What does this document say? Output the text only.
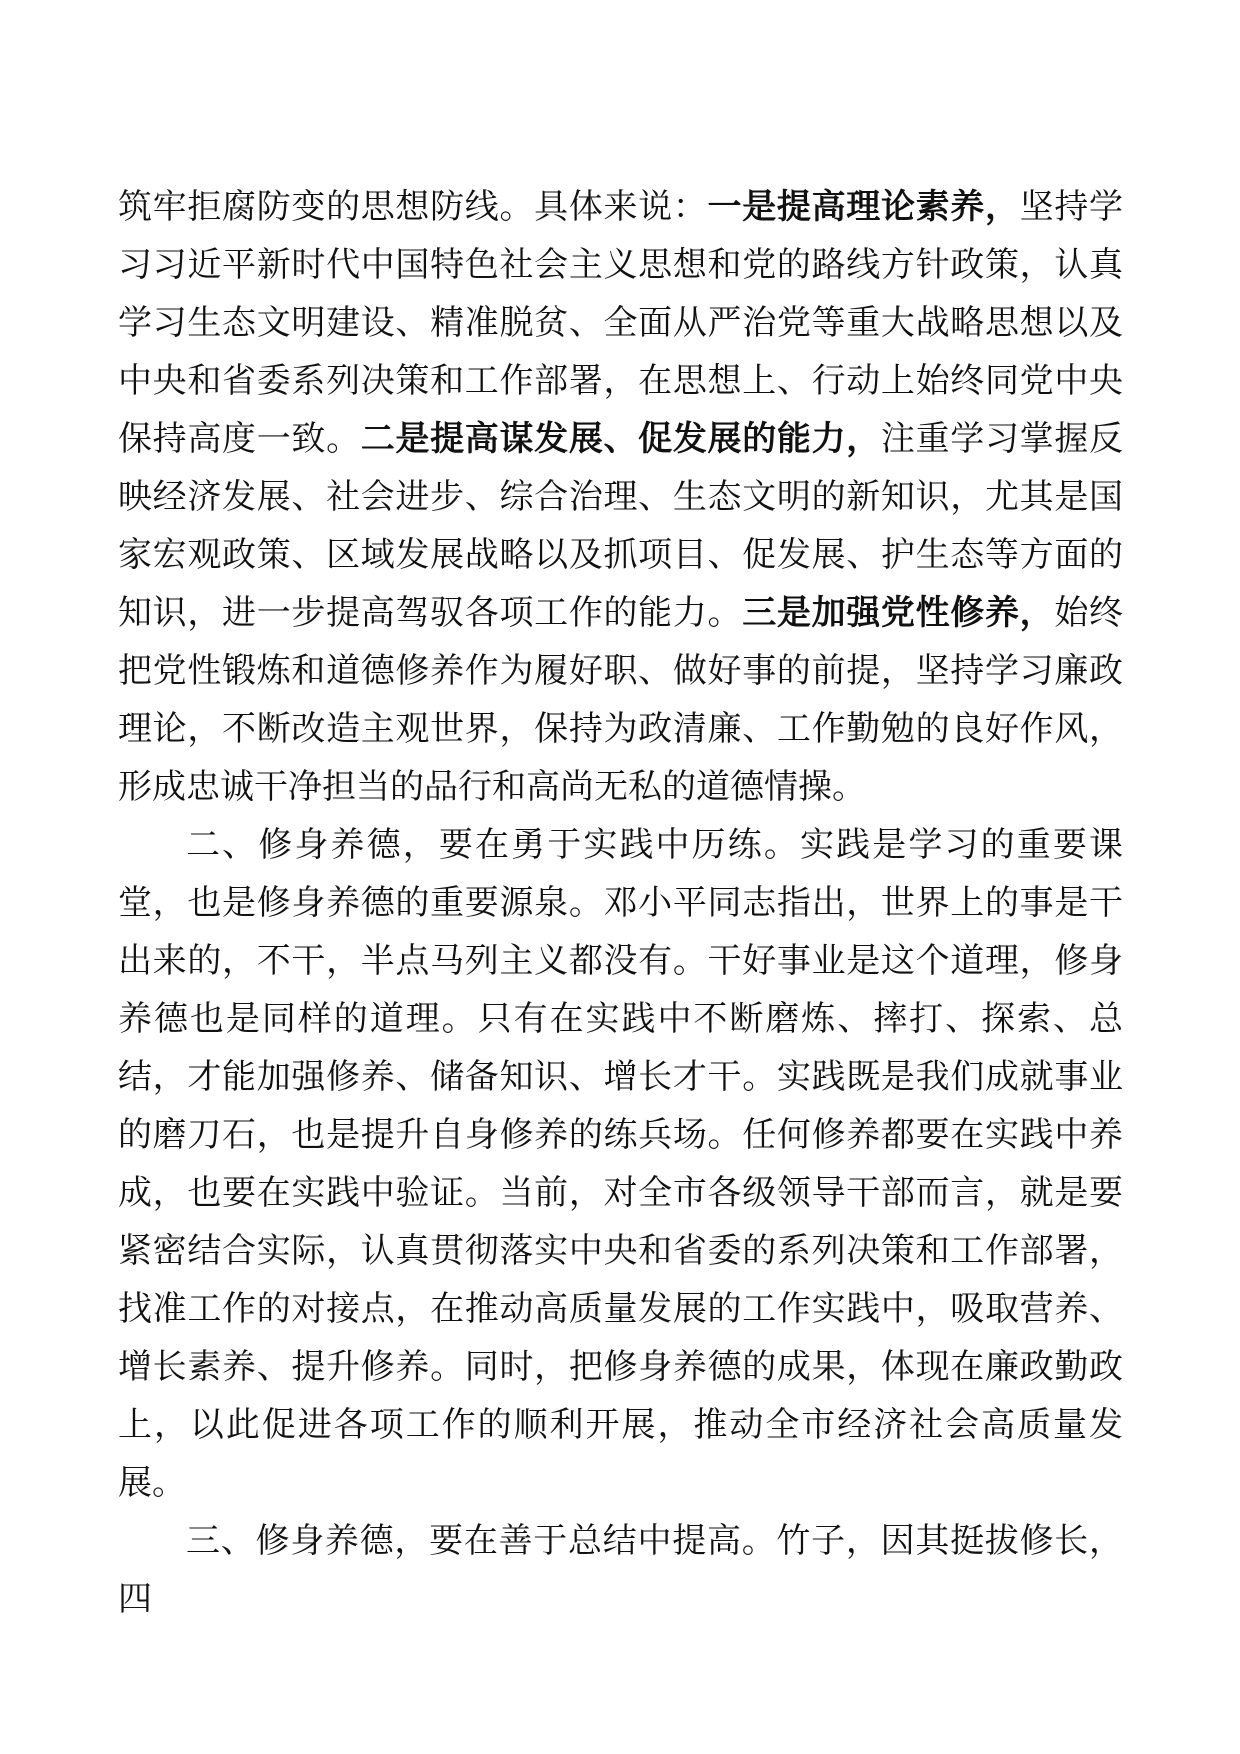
筑牢拒腐防变的思想防线。具体来说：一是提高理论素养，坚持学习习近平新时代中国特色社会主义思想和党的路线方针政策，认真学习生态文明建设、精准脱贫、全面从严治党等重大战略思想以及中央和省委系列决策和工作部署，在思想上、行动上始终同党中央保持高度一致。二是提高谋发展、促发展的能力，注重学习掌握反映经济发展、社会进步、综合治理、生态文明的新知识，尤其是国家宏观政策、区域发展战略以及抓项目、促发展、护生态等方面的知识，进一步提高驾驭各项工作的能力。三是加强党性修养，始终把党性锻炼和道德修养作为履好职、做好事的前提，坚持学习廉政理论，不断改造主观世界，保持为政清廉、工作勤勉的良好作风，形成忠诚干净担当的品行和高尚无私的道德情操。

二、修身养德，要在勇于实践中历练。实践是学习的重要课堂，也是修身养德的重要源泉。邓小平同志指出，世界上的事是干出来的，不干，半点马列主义都没有。干好事业是这个道理，修身养德也是同样的道理。只有在实践中不断磨炼、摔打、探索、总结，才能加强修养、储备知识、增长才干。实践既是我们成就事业的磨刀石，也是提升自身修养的练兵场。任何修养都要在实践中养成，也要在实践中验证。当前，对全市各级领导干部而言，就是要紧密结合实际，认真贯彻落实中央和省委的系列决策和工作部署， 找准工作的对接点，在推动高质量发展的工作实践中，吸取营养、增长素养、提升修养。同时，把修身养德的成果，体现在廉政勤政上，以此促进各项工作的顺利开展，推动全市经济社会高质量发展。

三、修身养德，要在善于总结中提高。竹子，因其挺拔修长，四
